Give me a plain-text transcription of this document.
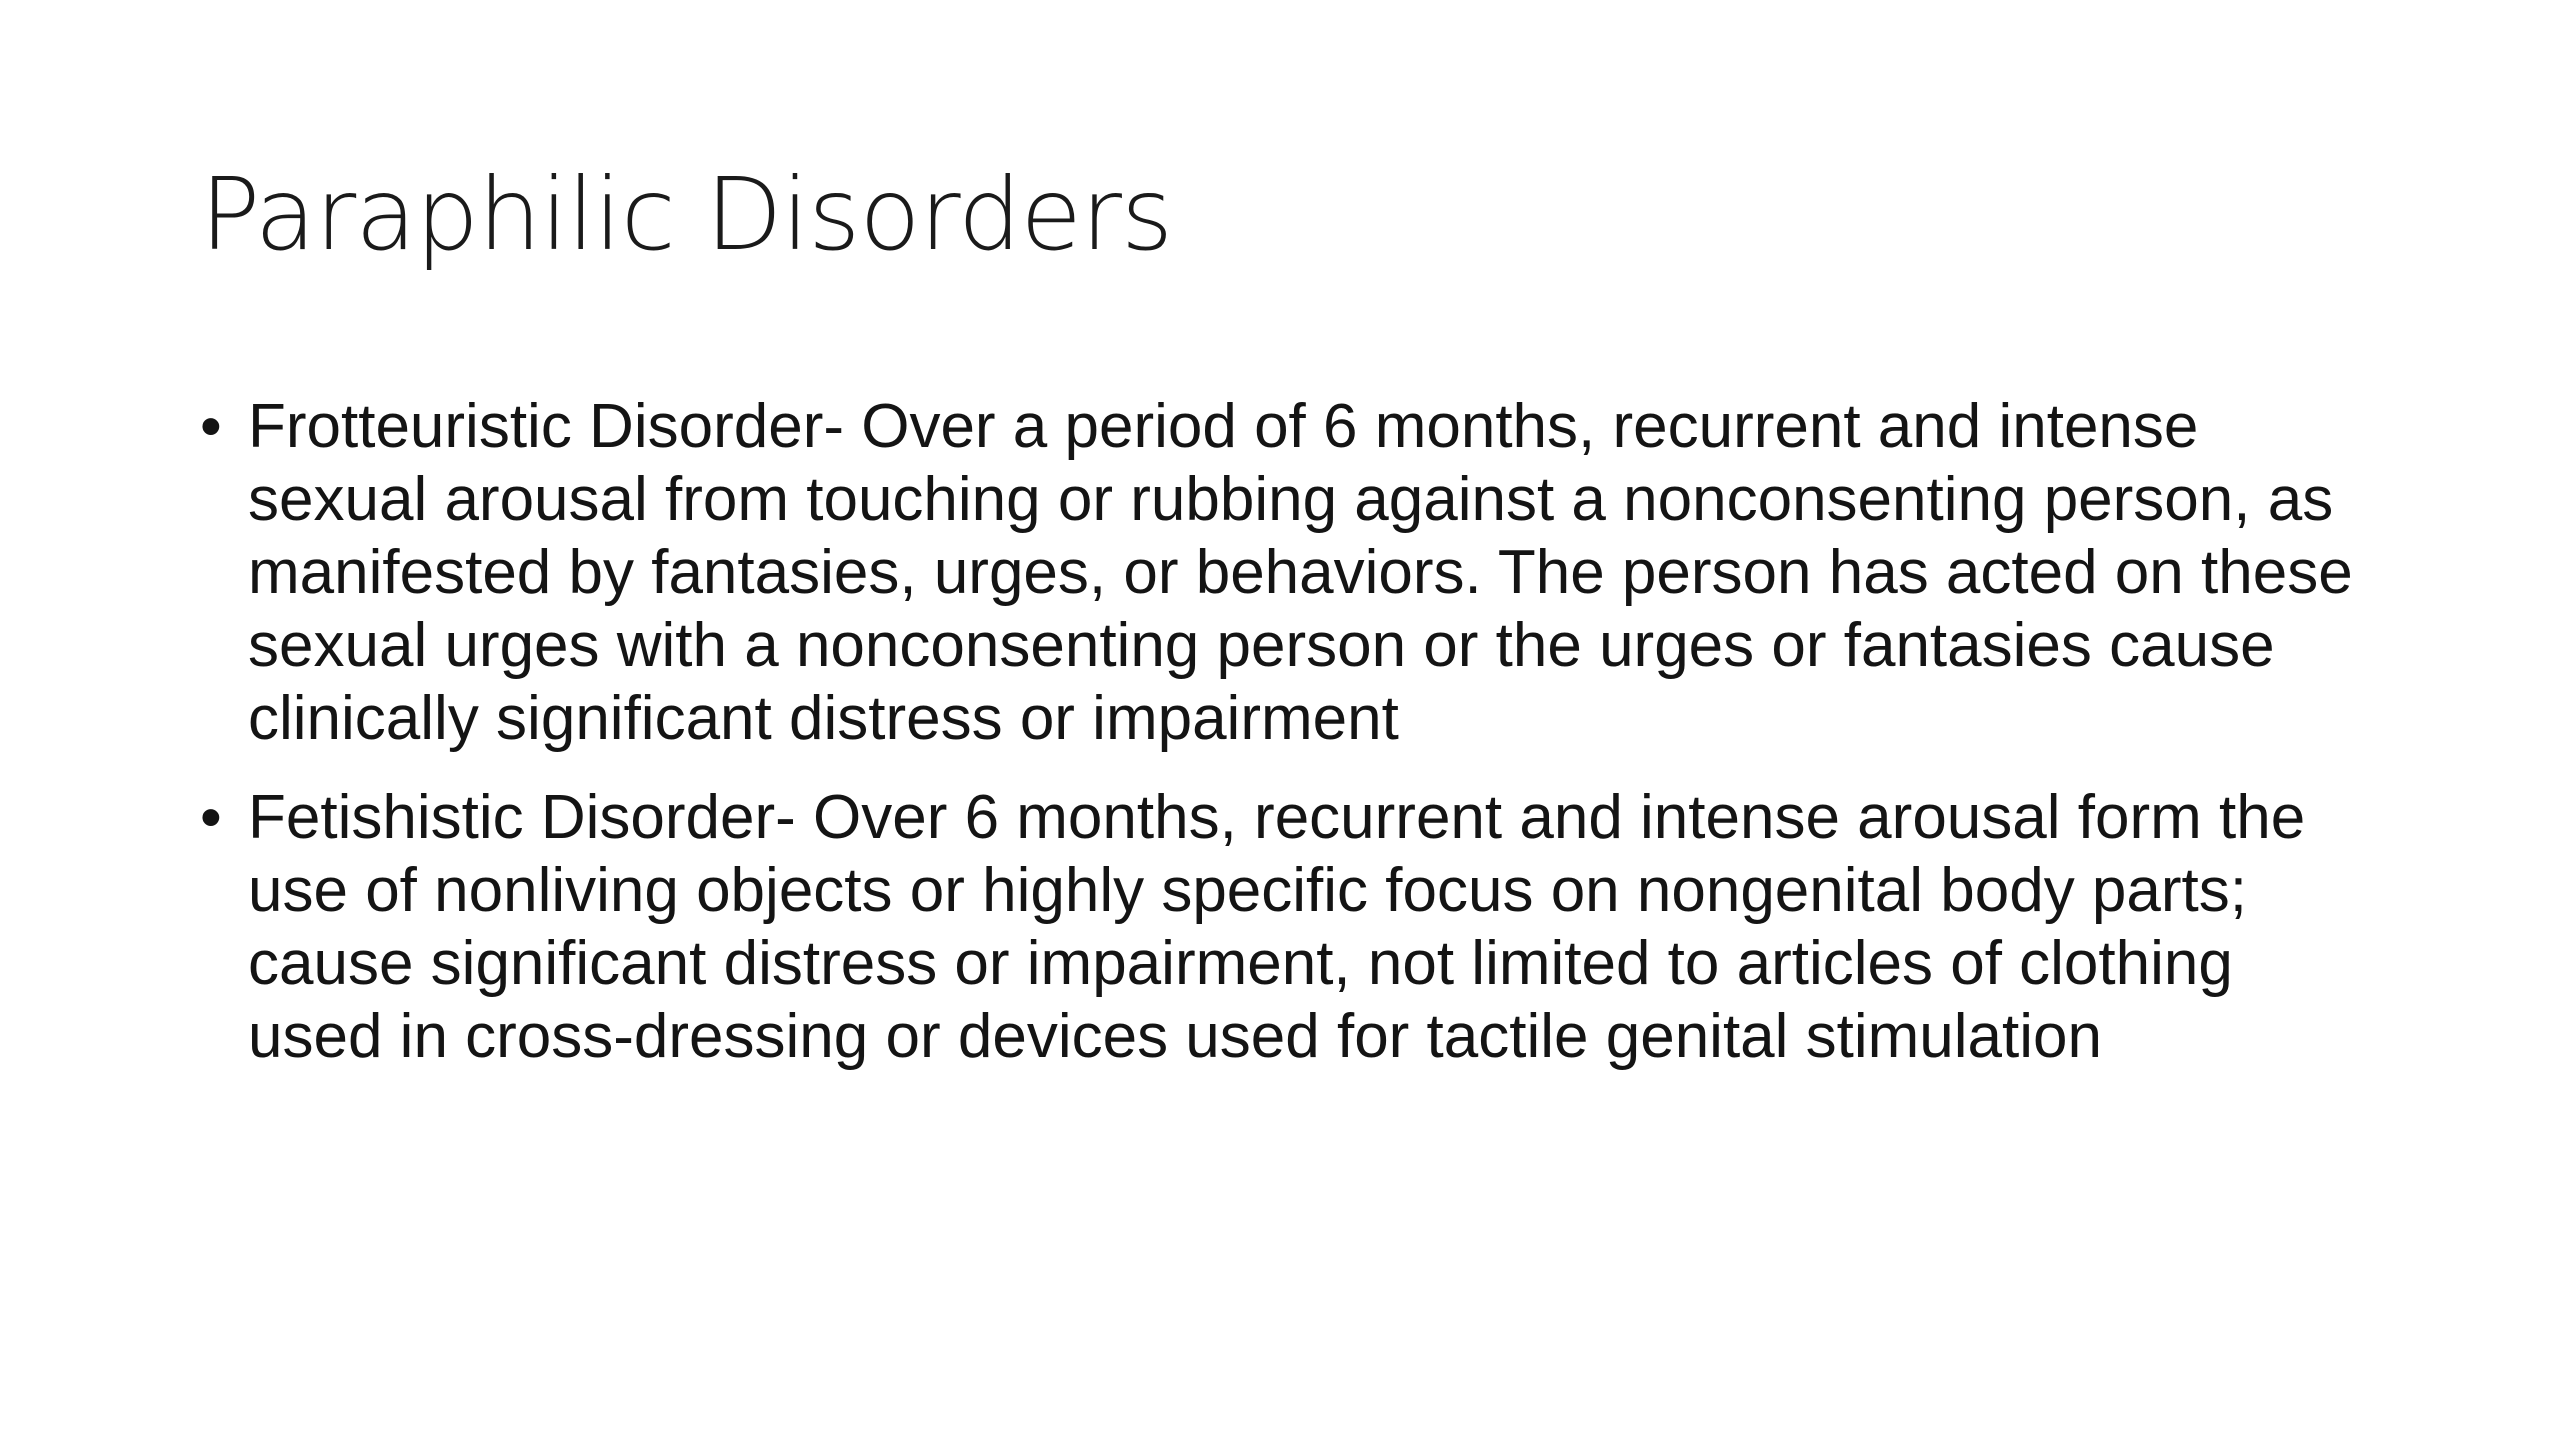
Paraphilic Disorders
• Frotteuristic Disorder- Over a period of 6 months, recurrent and intense sexual arousal from touching or rubbing against a nonconsenting person, as manifested by fantasies, urges, or behaviors. The person has acted on these sexual urges with a nonconsenting person or the urges or fantasies cause clinically significant distress or impairment
• Fetishistic Disorder- Over 6 months, recurrent and intense arousal form the use of nonliving objects or highly specific focus on nongenital body parts; cause significant distress or impairment, not limited to articles of clothing used in cross-dressing or devices used for tactile genital stimulation
